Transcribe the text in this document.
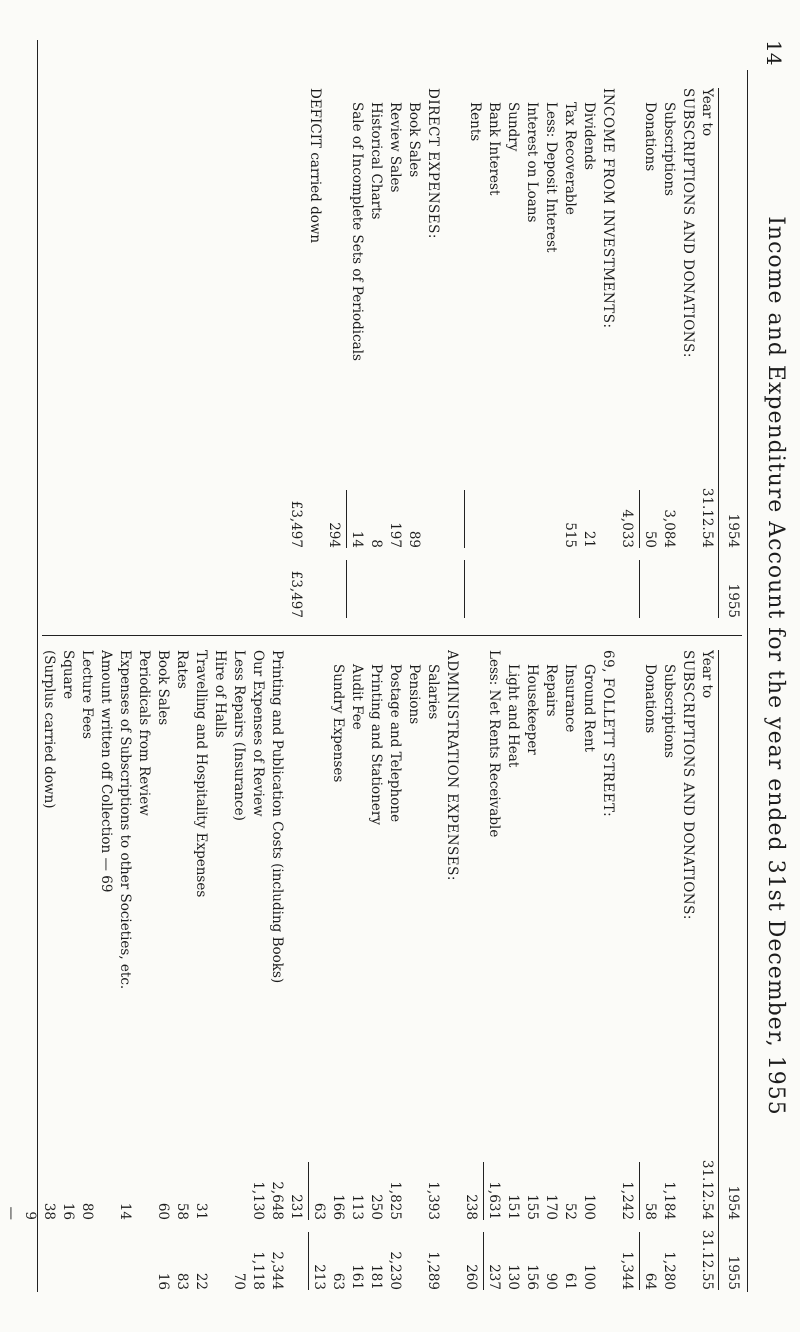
14
Income and Expenditure Account for the year ended 31st December, 1955
1954
1955
Year to
31.12.54
31.12.55
SUBSCRIPTIONS AND DONATIONS:
Subscriptions
1,184
1,280
Donations
58
64
1,242
1,344
69, FOLLETT STREET:
Ground Rent
100
100
Insurance
52
61
Repairs
170
90
Housekeeper
155
156
Light and Heat
151
130
Less: Net Rents Receivable
1,631
237
238
260
ADMINISTRATION EXPENSES:
Salaries
1,393
1,289
Pensions
Postage and Telephone
1,825
2,230
Printing and Stationery
250
181
Audit Fee
113
161
Sundry Expenses
166
63
63
213
231
Printing and Publication Costs (including Books)
2,648
2,344
Our Expenses of Review
1,130
1,118
Less Repairs (Insurance)
70
Hire of Halls
Travelling and Hospitality Expenses
31
22
Rates
58
83
Book Sales
60
16
Periodicals from Review
Expenses of Subscriptions to other Societies, etc.
14
Amount written off Collection — 69
Lecture Fees
80
Square
16
(Surplus carried down)
38
9
—
1954
1955
Year to
31.12.54
SUBSCRIPTIONS AND DONATIONS:
Subscriptions
3,084
Donations
50
4,033
INCOME FROM INVESTMENTS:
Dividends
21
Tax Recoverable
515
Less: Deposit Interest
Interest on Loans
Sundry
Bank Interest
Rents
DIRECT EXPENSES:
Book Sales
89
Review Sales
197
Historical Charts
8
Sale of Incomplete Sets of Periodicals
14
294
DEFICIT carried down
£3,497
£3,497
